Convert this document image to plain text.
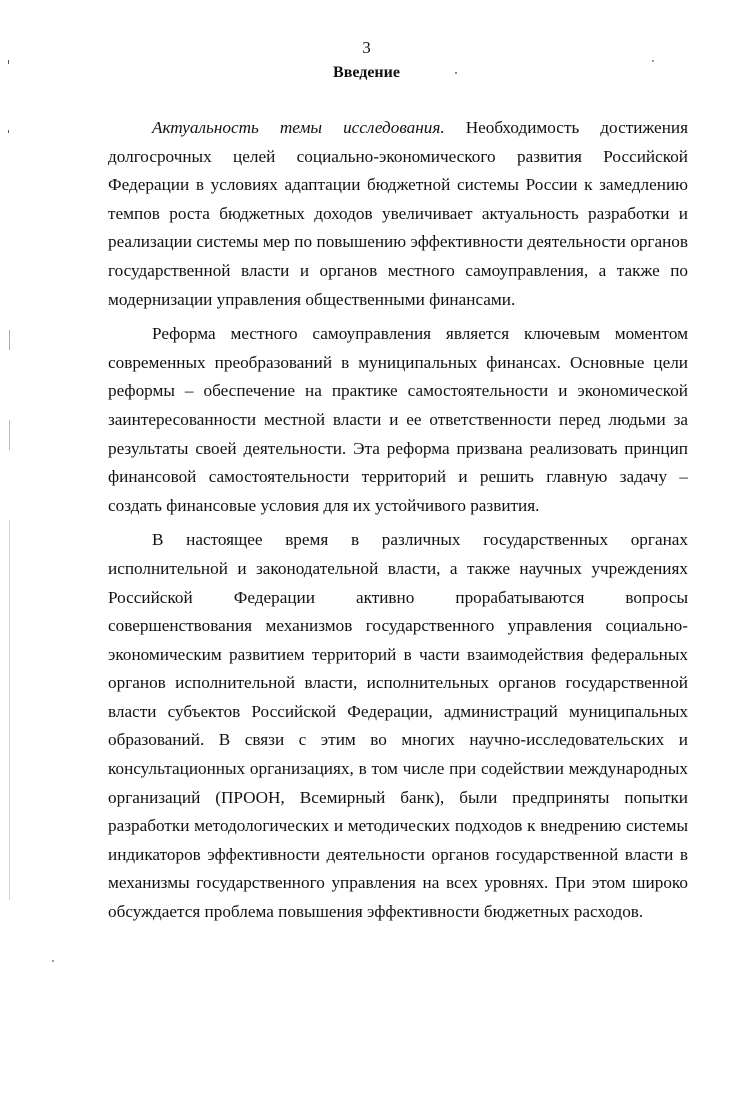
3
Введение

Актуальность темы исследования. Необходимость достижения долгосрочных целей социально-экономического развития Российской Федерации в условиях адаптации бюджетной системы России к замедлению темпов роста бюджетных доходов увеличивает актуальность разработки и реализации системы мер по повышению эффективности деятельности органов государственной власти и органов местного самоуправления, а также по модернизации управления общественными финансами.

Реформа местного самоуправления является ключевым моментом современных преобразований в муниципальных финансах. Основные цели реформы – обеспечение на практике самостоятельности и экономической заинтересованности местной власти и ее ответственности перед людьми за результаты своей деятельности. Эта реформа призвана реализовать принцип финансовой самостоятельности территорий и решить главную задачу – создать финансовые условия для их устойчивого развития.

В настоящее время в различных государственных органах исполнительной и законодательной власти, а также научных учреждениях Российской Федерации активно прорабатываются вопросы совершенствования механизмов государственного управления социально-экономическим развитием территорий в части взаимодействия федеральных органов исполнительной власти, исполнительных органов государственной власти субъектов Российской Федерации, администраций муниципальных образований. В связи с этим во многих научно-исследовательских и консультационных организациях, в том числе при содействии международных организаций (ПРООН, Всемирный банк), были предприняты попытки разработки методологических и методических подходов к внедрению системы индикаторов эффективности деятельности органов государственной власти в механизмы государственного управления на всех уровнях. При этом широко обсуждается проблема повышения эффективности бюджетных расходов.
